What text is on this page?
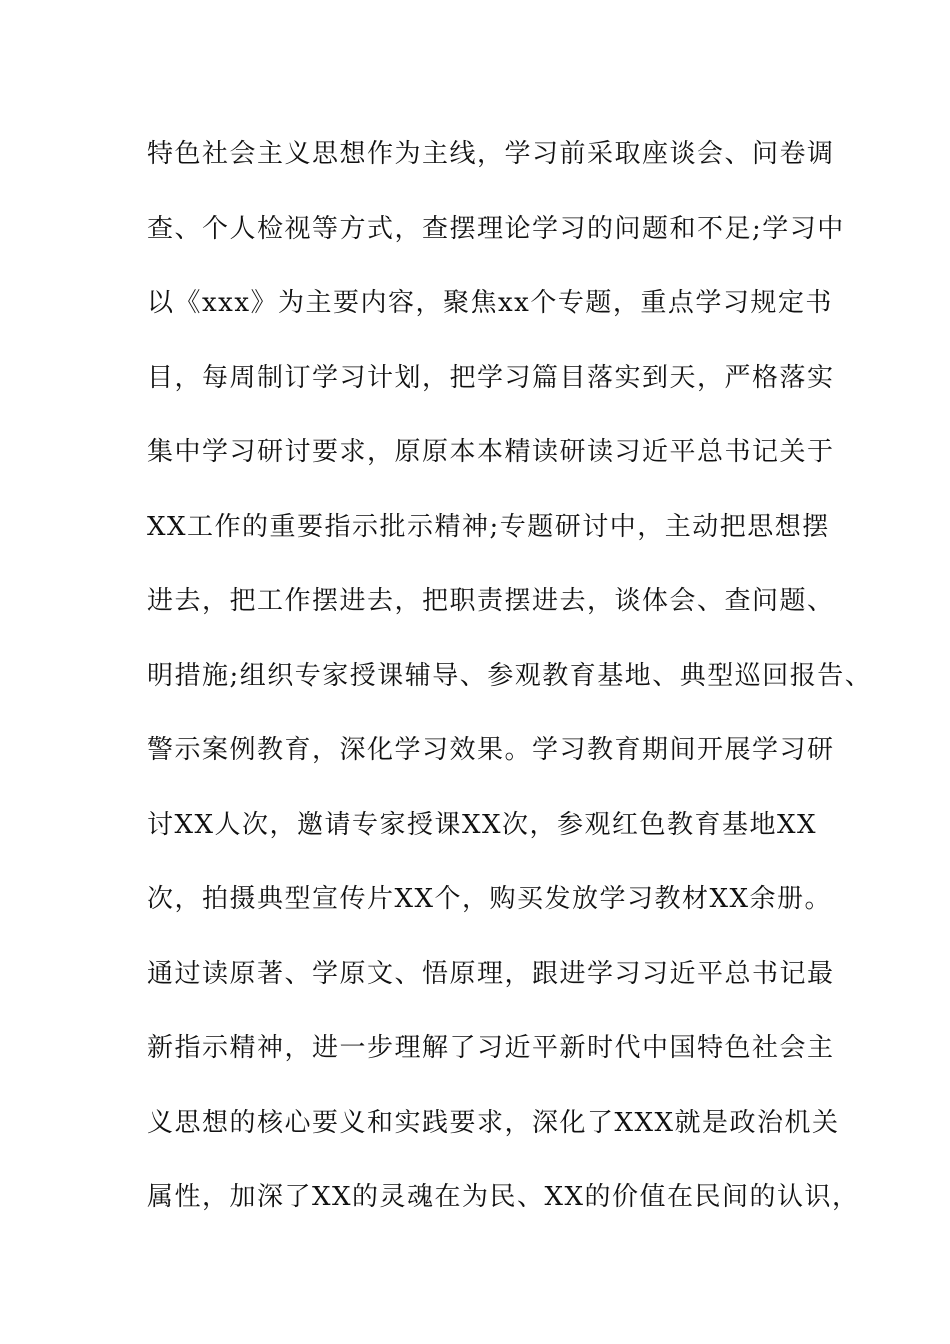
特色社会主义思想作为主线，学习前采取座谈会、问卷调
查、个人检视等方式，查摆理论学习的问题和不足;学习中
以《xxx》为主要内容，聚焦xx个专题，重点学习规定书
目，每周制订学习计划，把学习篇目落实到天，严格落实
集中学习研讨要求，原原本本精读研读习近平总书记关于
XX工作的重要指示批示精神;专题研讨中，主动把思想摆
进去，把工作摆进去，把职责摆进去，谈体会、查问题、
明措施;组织专家授课辅导、参观教育基地、典型巡回报告、
警示案例教育，深化学习效果。学习教育期间开展学习研
讨XX人次，邀请专家授课XX次，参观红色教育基地XX
次，拍摄典型宣传片XX个，购买发放学习教材XX余册。
通过读原著、学原文、悟原理，跟进学习习近平总书记最
新指示精神，进一步理解了习近平新时代中国特色社会主
义思想的核心要义和实践要求，深化了XXX就是政治机关
属性，加深了XX的灵魂在为民、XX的价值在民间的认识，
